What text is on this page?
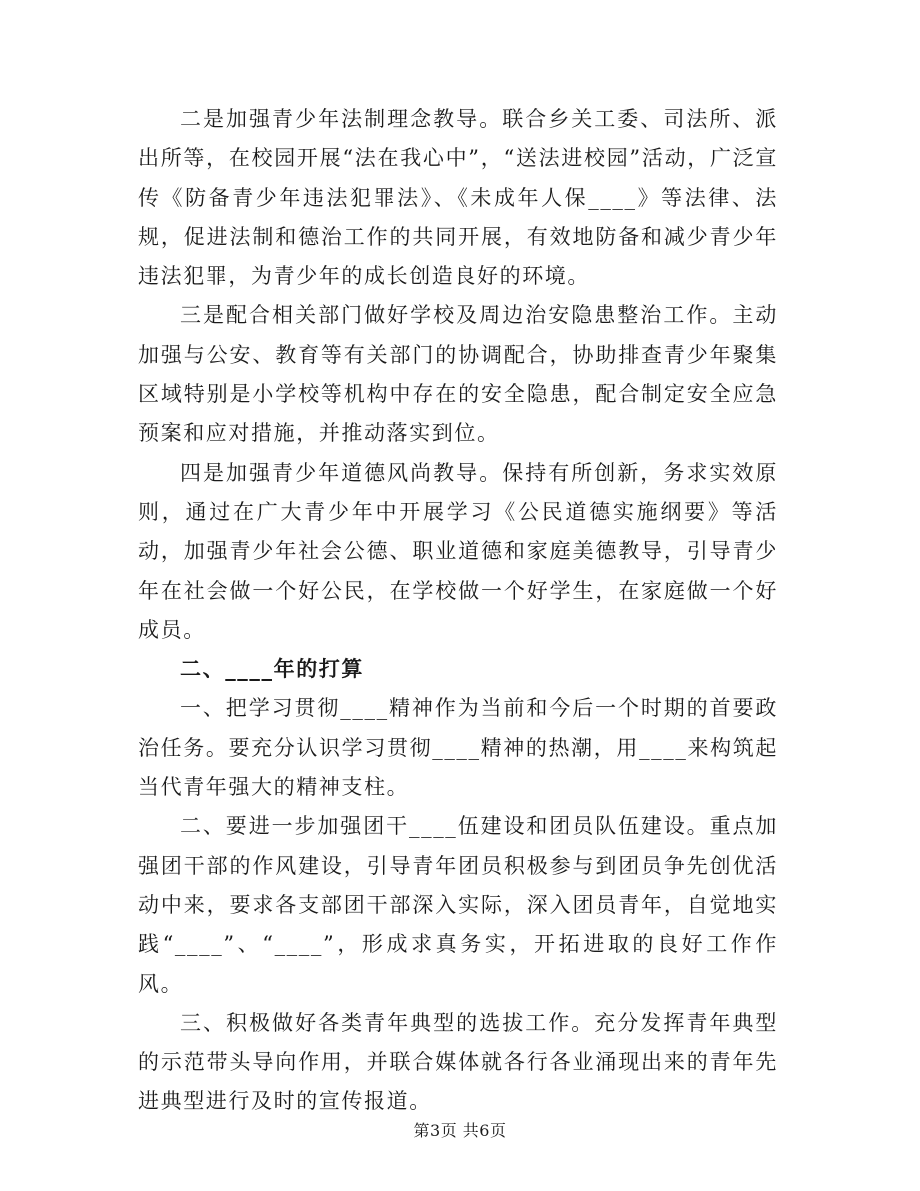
二是加强青少年法制理念教导。联合乡关工委、司法所、派出所等，在校园开展“法在我心中”，“送法进校园”活动，广泛宣传《防备青少年违法犯罪法》、《未成年人保____》等法律、法规，促进法制和德治工作的共同开展，有效地防备和减少青少年违法犯罪，为青少年的成长创造良好的环境。

三是配合相关部门做好学校及周边治安隐患整治工作。主动加强与公安、教育等有关部门的协调配合，协助排查青少年聚集区域特别是小学校等机构中存在的安全隐患，配合制定安全应急预案和应对措施，并推动落实到位。

四是加强青少年道德风尚教导。保持有所创新，务求实效原则，通过在广大青少年中开展学习《公民道德实施纲要》等活动，加强青少年社会公德、职业道德和家庭美德教导，引导青少年在社会做一个好公民，在学校做一个好学生，在家庭做一个好成员。

二、____年的打算

一、把学习贯彻____精神作为当前和今后一个时期的首要政治任务。要充分认识学习贯彻____精神的热潮，用____来构筑起当代青年强大的精神支柱。

二、要进一步加强团干____伍建设和团员队伍建设。重点加强团干部的作风建设，引导青年团员积极参与到团员争先创优活动中来，要求各支部团干部深入实际，深入团员青年，自觉地实践“____”、“____”，形成求真务实，开拓进取的良好工作作风。

三、积极做好各类青年典型的选拔工作。充分发挥青年典型的示范带头导向作用，并联合媒体就各行各业涌现出来的青年先进典型进行及时的宣传报道。

第3页 共6页
